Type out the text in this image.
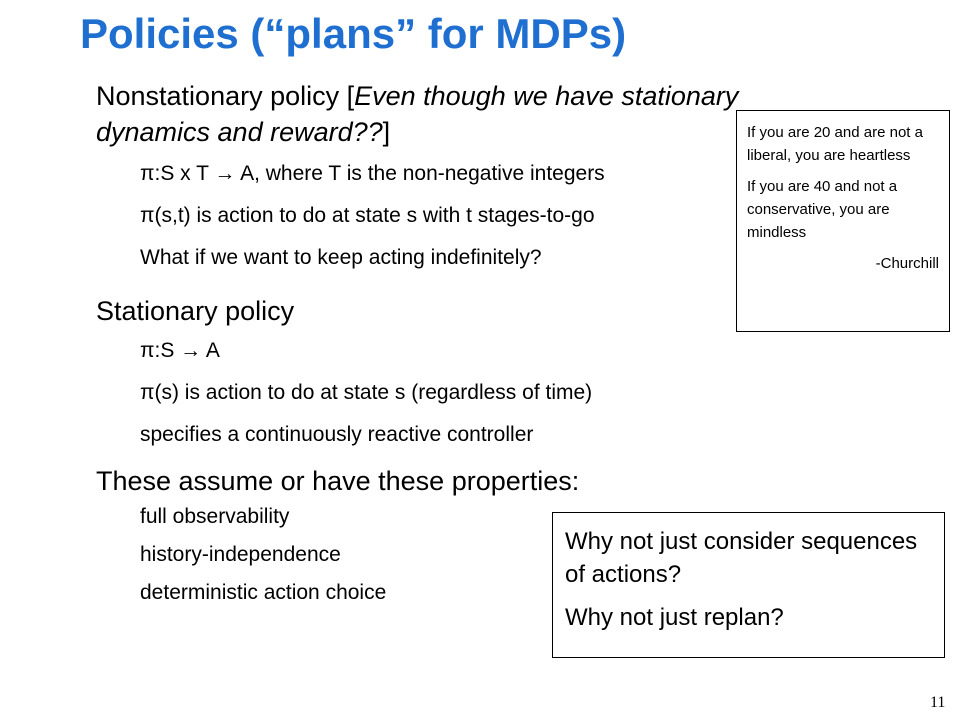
Policies (“plans” for MDPs)
Nonstationary policy [Even though we have stationary dynamics and reward??]
π:S x T → A, where T is the non-negative integers
π(s,t) is action to do at state s with t stages-to-go
What if we want to keep acting indefinitely?
Stationary policy
π:S → A
π(s) is action to do at state s (regardless of time)
specifies a continuously reactive controller
These assume or have these properties:
full observability
history-independence
deterministic action choice

If you are 20 and are not a liberal, you are heartless

If you are 40 and not a conservative, you are mindless

-Churchill

Why not just consider sequences of actions?

Why not just replan?

11
